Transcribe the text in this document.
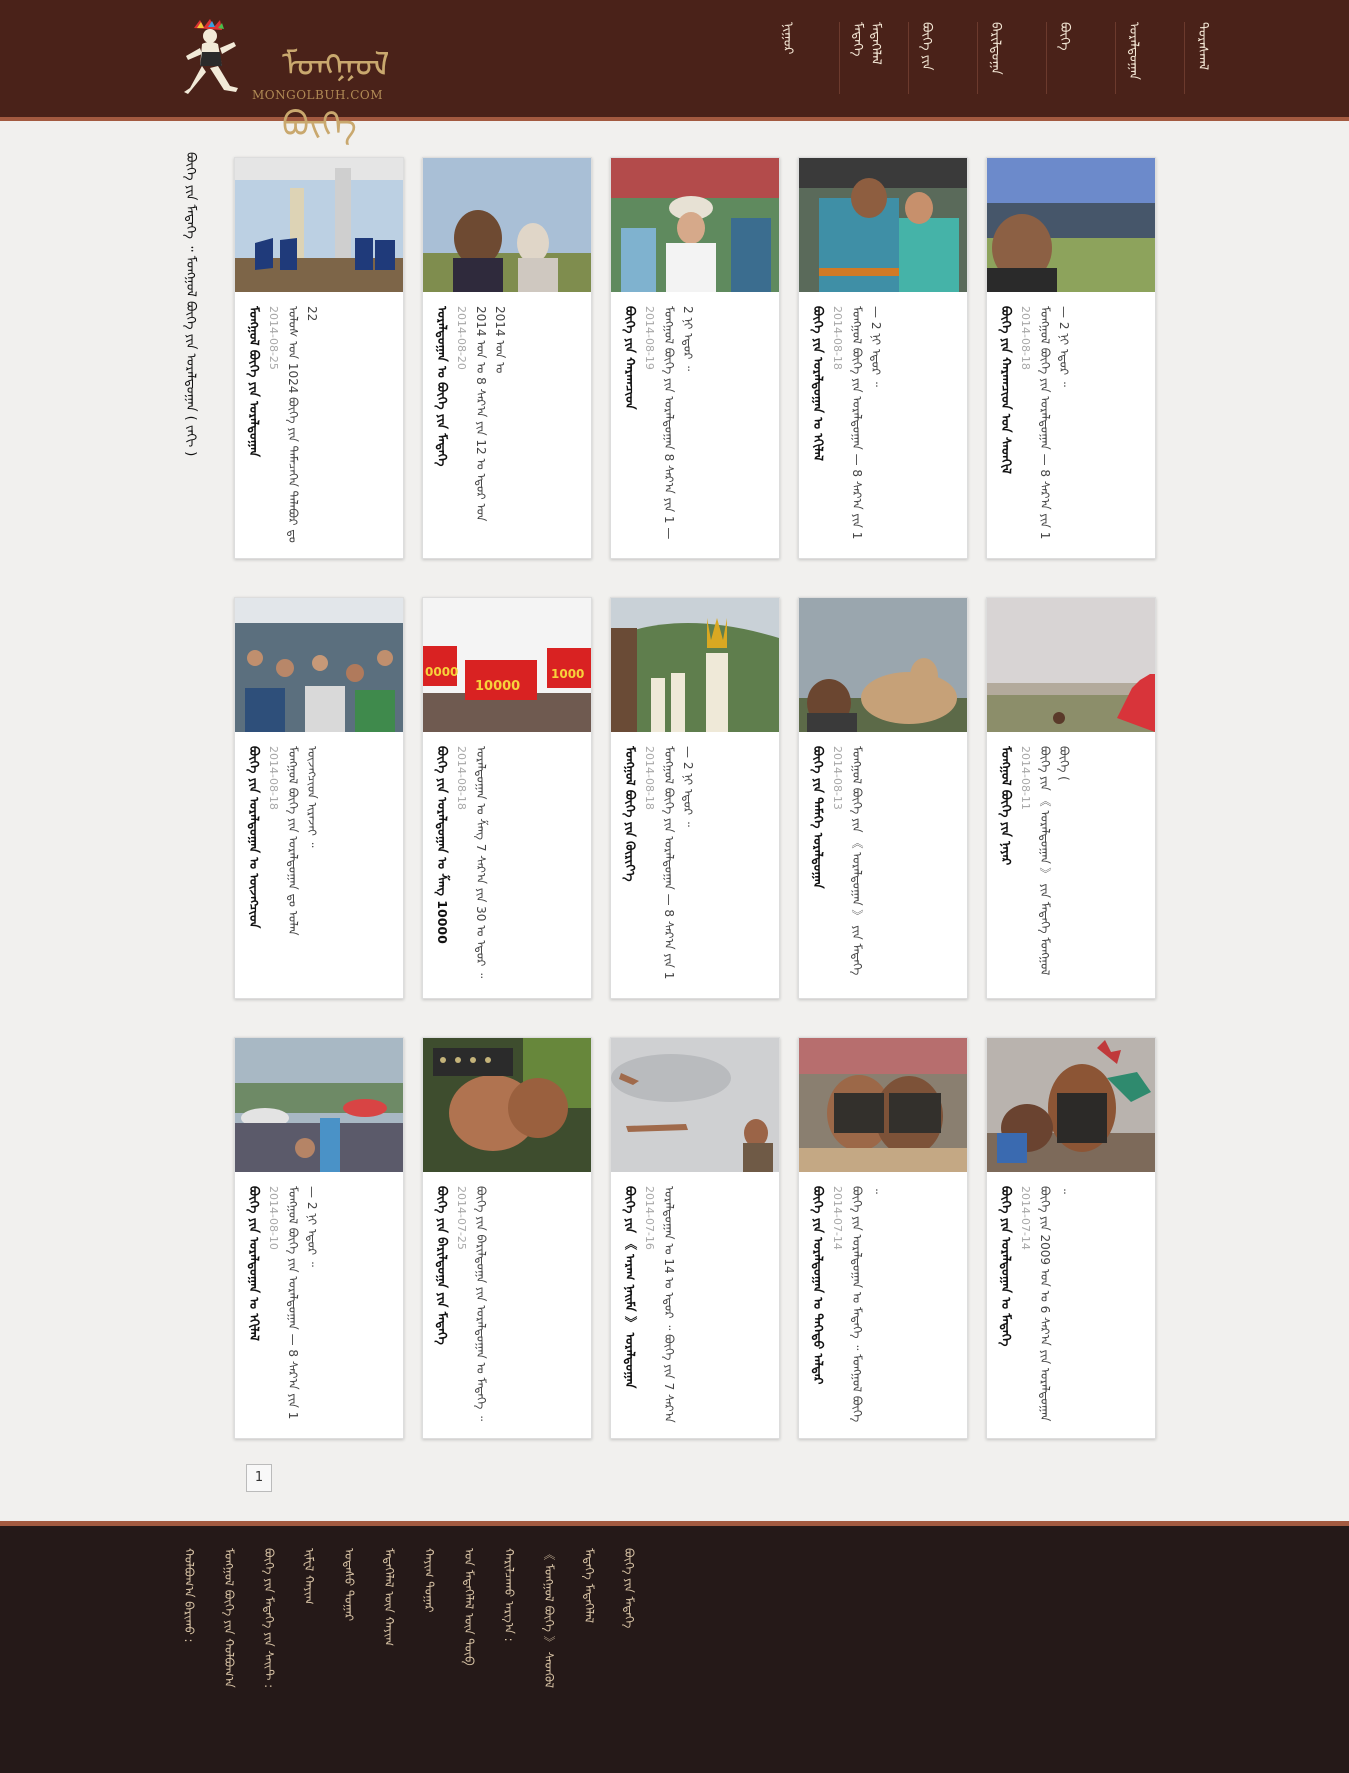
ᠮᠣᠩᠭᠣᠯ ᠪᠦᠬᠡ
MONGOLBUH.COM
ᠨᠢᠭᠤᠷ	ᠮᠡᠳᠡᠭᠡ ᠮᠡᠳᠡᠭᠡᠯᠡᠯ	ᠪᠦᠬᠡ ᠶᠢᠨ	ᠪᠠᠷᠢᠯᠳᠤᠭᠠ	ᠪᠦᠬᠡ	ᠤᠷᠠᠯᠳᠤᠭᠠᠨ	ᠳᠤᠷᠠᠰᠬᠠᠯ
ᠪᠦᠬᠡ ᠶᠢᠨ ᠮᠡᠳᠡᠭᠡ ᠃ ᠮᠣᠩᠭᠣᠯ ᠪᠦᠬᠡ ᠶᠢᠨ ᠤᠷᠠᠯᠳᠤᠭᠠᠨ ( ᠵᠠᠬᠢ )	ᠮᠣᠩᠭᠣᠯ ᠪᠦᠬᠡ ᠶᠢᠨ ᠤᠷᠠᠯᠳᠤᠭᠠᠨ 2014-08-25 ᠤᠯᠤᠰ ᠤᠨ 1024 ᠪᠦᠬᠡ ᠶᠢᠨ ᠲᠡᠮᠡᠴᠡᠭᠡᠨ ᠲᠠᠯᠠᠪᠤᠷ ᠳᠤ 22	ᠤᠷᠠᠯᠳᠤᠭᠠᠨ ᠤ ᠪᠦᠬᠡ ᠶᠢᠨ ᠮᠡᠳᠡᠭᠡ 2014-08-20 2014 ᠣᠨ ᠤ 8 ᠰᠠᠷ᠎ᠠ ᠶᠢᠨ 12 ᠤ ᠡᠳᠦᠷ ᠤᠨ 2014 ᠣᠨ ᠤ	ᠪᠦᠬᠡ ᠶᠢᠨ ᠬᠠᠷᠠᠭᠴᠢᠳ 2014-08-19 ᠮᠣᠩᠭᠣᠯ ᠪᠦᠬᠡ ᠶᠢᠨ ᠤᠷᠠᠯᠳᠤᠭᠠᠨ 8 ᠰᠠᠷ᠎ᠠ ᠶᠢᠨ 1 — 2 ᠨᠢ ᠡᠳᠦᠷ ᠃	ᠪᠦᠬᠡ ᠶᠢᠨ ᠤᠷᠠᠯᠳᠤᠭᠠᠨ ᠤ ᠡᠬᠢᠯᠡᠯ 2014-08-18 ᠮᠣᠩᠭᠣᠯ ᠪᠦᠬᠡ ᠶᠢᠨ ᠤᠷᠠᠯᠳᠤᠭᠠᠨ — 8 ᠰᠠᠷ᠎ᠠ ᠶᠢᠨ 1 — 2 ᠨᠢ ᠡᠳᠦᠷ ᠃	ᠪᠦᠬᠡ ᠶᠢᠨ ᠬᠠᠷᠠᠭᠴᠢᠳ ᠤᠨ ᠰᠡᠳᠬᠢᠯ 2014-08-18 ᠮᠣᠩᠭᠣᠯ ᠪᠦᠬᠡ ᠶᠢᠨ ᠤᠷᠠᠯᠳᠤᠭᠠᠨ — 8 ᠰᠠᠷ᠎ᠠ ᠶᠢᠨ 1 — 2 ᠨᠢ ᠡᠳᠦᠷ ᠃
ᠪᠦᠬᠡ ᠶᠢᠨ ᠤᠷᠠᠯᠳᠤᠭᠠᠨ ᠤ ᠦᠵᠡᠭᠴᠢᠳ 2014-08-18 ᠮᠣᠩᠭᠣᠯ ᠪᠦᠬᠡ ᠶᠢᠨ ᠤᠷᠠᠯᠳᠤᠭᠠᠨ ᠳᠤ ᠣᠯᠠᠨ ᠦᠵᠡᠭᠴᠢᠳ ᠢᠷᠡᠵᠡᠢ ᠃
0000
10000
1000
ᠪᠦᠬᠡ ᠶᠢᠨ ᠤᠷᠠᠯᠳᠤᠭᠠᠨ ᠤ ᠱᠠᠩ 10000 2014-08-18 ᠤᠷᠠᠯᠳᠤᠭᠠᠨ ᠤ ᠱᠠᠩ 7 ᠰᠠᠷ᠎ᠠ ᠶᠢᠨ 30 ᠤ ᠡᠳᠦᠷ ᠃	ᠮᠣᠩᠭᠣᠯ ᠪᠦᠬᠡ ᠶᠢᠨ ᠬᠦᠷᠢᠶ᠎ᠡ 2014-08-18 ᠮᠣᠩᠭᠣᠯ ᠪᠦᠬᠡ ᠶᠢᠨ ᠤᠷᠠᠯᠳᠤᠭᠠᠨ — 8 ᠰᠠᠷ᠎ᠠ ᠶᠢᠨ 1 — 2 ᠨᠢ ᠡᠳᠦᠷ ᠃	ᠪᠦᠬᠡ ᠶᠢᠨ ᠲᠡᠮᠡᠭᠡ ᠤᠷᠠᠯᠳᠤᠭᠠᠨ 2014-08-13 ᠮᠣᠩᠭᠣᠯ ᠪᠦᠬᠡ ᠶᠢᠨ 《 ᠤᠷᠠᠯᠳᠤᠭᠠᠨ 》 ᠶᠢᠨ ᠮᠡᠳᠡᠭᠡ	ᠮᠣᠩᠭᠣᠯ ᠪᠦᠬᠡ ᠶᠢᠨ ᠨᠠᠶᠠᠷ 2014-08-11 ᠪᠦᠬᠡ ᠶᠢᠨ 《 ᠤᠷᠠᠯᠳᠤᠭᠠᠨ 》 ᠶᠢᠨ ᠮᠡᠳᠡᠭᠡ ᠮᠣᠩᠭᠣᠯ ᠪᠦᠬᠡ (
ᠪᠦᠬᠡ ᠶᠢᠨ ᠤᠷᠠᠯᠳᠤᠭᠠᠨ ᠤ ᠡᠬᠢᠯᠡᠯ 2014-08-10 ᠮᠣᠩᠭᠣᠯ ᠪᠦᠬᠡ ᠶᠢᠨ ᠤᠷᠠᠯᠳᠤᠭᠠᠨ — 8 ᠰᠠᠷ᠎ᠠ ᠶᠢᠨ 1 — 2 ᠨᠢ ᠡᠳᠦᠷ ᠃	ᠪᠦᠬᠡ ᠶᠢᠨ ᠪᠠᠷᠢᠯᠳᠤᠭᠠ ᠶᠢᠨ ᠮᠡᠳᠡᠭᠡ 2014-07-25 ᠪᠦᠬᠡ ᠶᠢᠨ ᠪᠠᠷᠢᠯᠳᠤᠭᠠ ᠶᠢᠨ ᠤᠷᠠᠯᠳᠤᠭᠠᠨ ᠤ ᠮᠡᠳᠡᠭᠡ ᠃	ᠪᠦᠬᠡ ᠶᠢᠨ 《 ᠠᠷᠠᠭ ᠨᠠᠢᠮᠠ 》 ᠤᠷᠠᠯᠳᠤᠭᠠᠨ 2014-07-16 ᠤᠷᠠᠯᠳᠤᠭᠠᠨ ᠤ 14 ᠤ ᠡᠳᠦᠷ ᠃ ᠪᠦᠬᠡ ᠶᠢᠨ 7 ᠰᠠᠷ᠎ᠠ	ᠪᠦᠬᠡ ᠶᠢᠨ ᠤᠷᠠᠯᠳᠤᠭᠠᠨ ᠤ ᠳᠡᠭᠡᠳᠦ ᠠᠯᠳᠠᠷ 2014-07-14 ᠪᠦᠬᠡ ᠶᠢᠨ ᠤᠷᠠᠯᠳᠤᠭᠠᠨ ᠤ ᠮᠡᠳᠡᠭᠡ ᠃ ᠮᠣᠩᠭᠣᠯ ᠪᠦᠬᠡ ᠃	ᠪᠦᠬᠡ ᠶᠢᠨ ᠤᠷᠠᠯᠳᠤᠭᠠᠨ ᠤ ᠮᠡᠳᠡᠭᠡ 2014-07-14 ᠪᠦᠬᠡ ᠶᠢᠨ 2009 ᠣᠨ ᠤ 6 ᠰᠠᠷ᠎ᠠ ᠶᠢᠨ ᠤᠷᠠᠯᠳᠤᠭᠠᠨ ᠃
1
ᠪᠦᠬᠡ ᠶᠢᠨ ᠮᠡᠳᠡᠭᠡ
ᠮᠡᠳᠡᠭᠡ ᠮᠡᠳᠡᠭᠡᠯᠡᠯ
《 ᠮᠣᠩᠭᠣᠯ ᠪᠦᠬᠡ 》 ᠰᠡᠳᠬᠦᠯ
ᠬᠠᠷᠢᠯᠴᠠᠬᠤ ᠠᠷᠭ᠎ᠠ :
ᠤᠨ ᠮᠡᠳᠡᠭᠡᠯᠡᠯ ᠦᠨ ᠲᠥᠪ
ᠬᠠᠶᠢᠭ ᠳᠤᠭᠠᠷ
ᠮᠡᠳᠡᠭᠡᠯᠡᠯ ᠦᠨ ᠬᠠᠶᠢᠭ
ᠤᠲᠠᠰᠤ ᠳᠤᠭᠠᠷ
ᠢᠮᠧᠯ ᠬᠠᠶᠢᠭ
ᠪᠦᠬᠡ ᠶᠢᠨ ᠮᠡᠳᠡᠭᠡ ᠶᠢᠨ ᠰᠠᠢᠲ :
ᠮᠣᠩᠭᠣᠯ ᠪᠦᠬᠡ ᠶᠢᠨ ᠬᠣᠯᠪᠣᠭ᠎ᠠ
ᠬᠣᠯᠪᠣᠭ᠎ᠠ ᠪᠠᠷᠢᠬᠤ :
